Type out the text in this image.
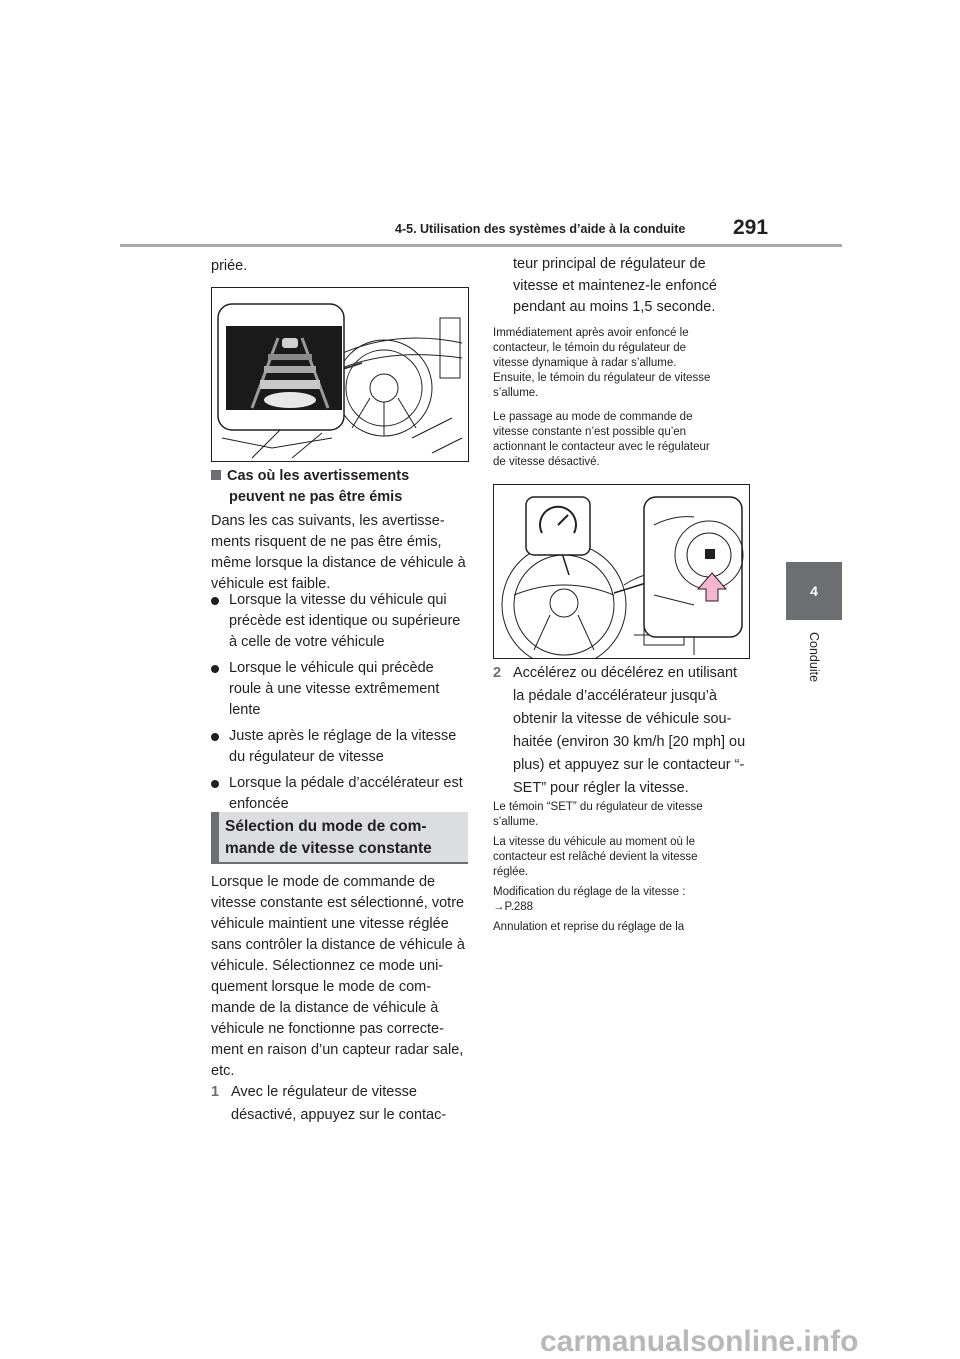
4-5. Utilisation des systèmes d’aide à la conduite 291
4
Conduite
priée.
Cas où les avertissements
peuvent ne pas être émis
Dans les cas suivants, les avertisse-
ments risquent de ne pas être émis,
même lorsque la distance de véhicule à
véhicule est faible.
Lorsque la vitesse du véhicule qui
précède est identique ou supérieure
à celle de votre véhicule
Lorsque le véhicule qui précède
roule à une vitesse extrêmement
lente
Juste après le réglage de la vitesse
du régulateur de vitesse
Lorsque la pédale d’accélérateur est
enfoncée
Sélection du mode de com-
mande de vitesse constante
Lorsque le mode de commande de
vitesse constante est sélectionné, votre
véhicule maintient une vitesse réglée
sans contrôler la distance de véhicule à
véhicule. Sélectionnez ce mode uni-
quement lorsque le mode de com-
mande de la distance de véhicule à
véhicule ne fonctionne pas correcte-
ment en raison d’un capteur radar sale,
etc.
1 Avec le régulateur de vitesse
désactivé, appuyez sur le contac-
teur principal de régulateur de
vitesse et maintenez-le enfoncé
pendant au moins 1,5 seconde.
Immédiatement après avoir enfoncé le
contacteur, le témoin du régulateur de
vitesse dynamique à radar s’allume.
Ensuite, le témoin du régulateur de vitesse
s’allume.
Le passage au mode de commande de
vitesse constante n’est possible qu’en
actionnant le contacteur avec le régulateur
de vitesse désactivé.
2 Accélérez ou décélérez en utilisant
la pédale d’accélérateur jusqu’à
obtenir la vitesse de véhicule sou-
haitée (environ 30 km/h [20 mph] ou
plus) et appuyez sur le contacteur “-
SET” pour régler la vitesse.
Le témoin “SET” du régulateur de vitesse
s’allume.
La vitesse du véhicule au moment où le
contacteur est relâché devient la vitesse
réglée.
Modification du réglage de la vitesse :
→P.288
Annulation et reprise du réglage de la
carmanualsonline.info
